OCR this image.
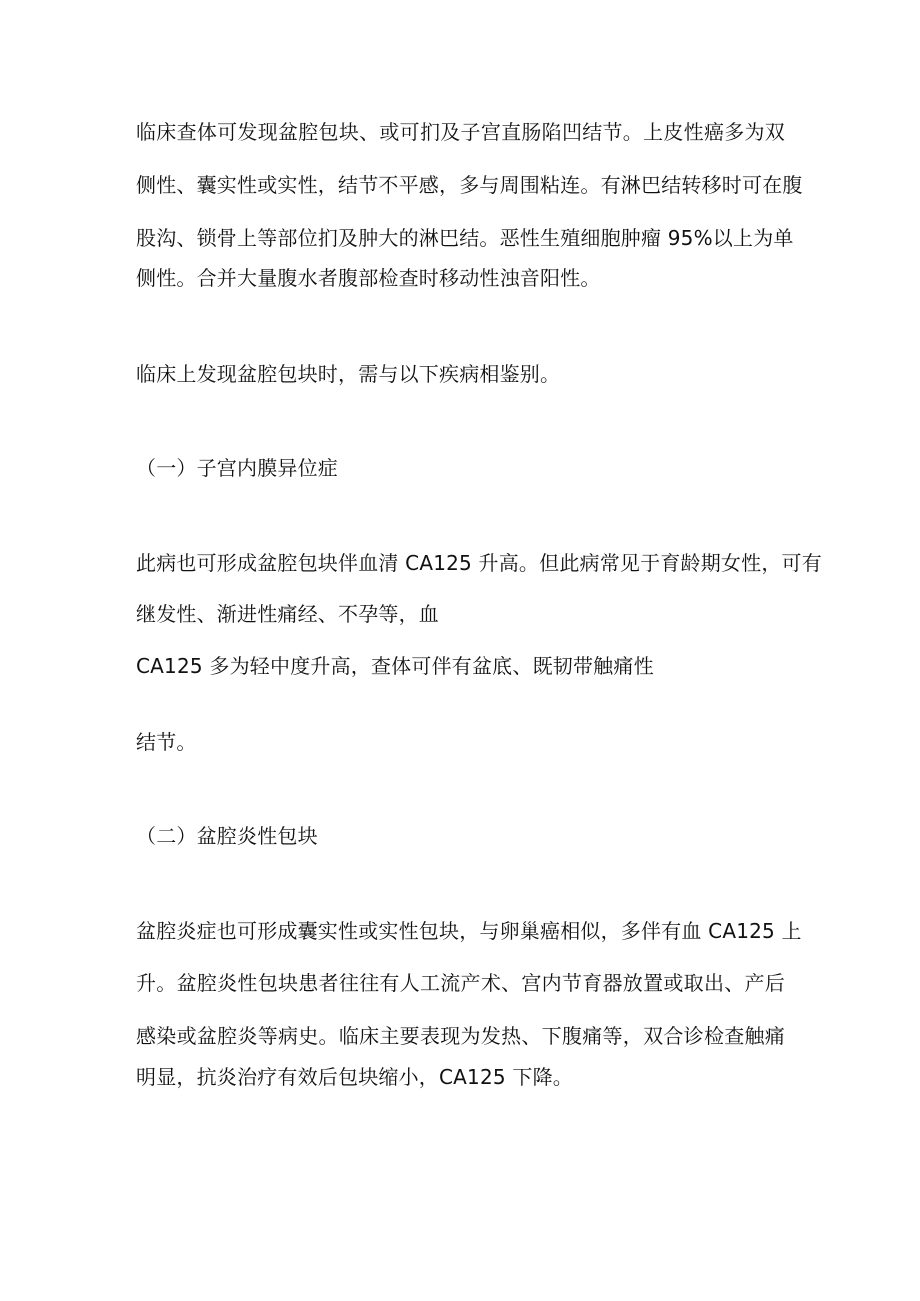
临床查体可发现盆腔包块、或可扪及子宫直肠陷凹结节。上皮性癌多为双
侧性、囊实性或实性，结节不平感，多与周围粘连。有淋巴结转移时可在腹
股沟、锁骨上等部位扪及肿大的淋巴结。恶性生殖细胞肿瘤 95%以上为单
侧性。合并大量腹水者腹部检查时移动性浊音阳性。
临床上发现盆腔包块时，需与以下疾病相鉴别。
（一）子宫内膜异位症
此病也可形成盆腔包块伴血清 CA125 升高。但此病常见于育龄期女性，可有
继发性、渐进性痛经、不孕等，血
CA125 多为轻中度升高，查体可伴有盆底、既韧带触痛性
结节。
（二）盆腔炎性包块
盆腔炎症也可形成囊实性或实性包块，与卵巢癌相似，多伴有血 CA125 上
升。盆腔炎性包块患者往往有人工流产术、宫内节育器放置或取出、产后
感染或盆腔炎等病史。临床主要表现为发热、下腹痛等，双合诊检查触痛
明显，抗炎治疗有效后包块缩小，CA125 下降。
